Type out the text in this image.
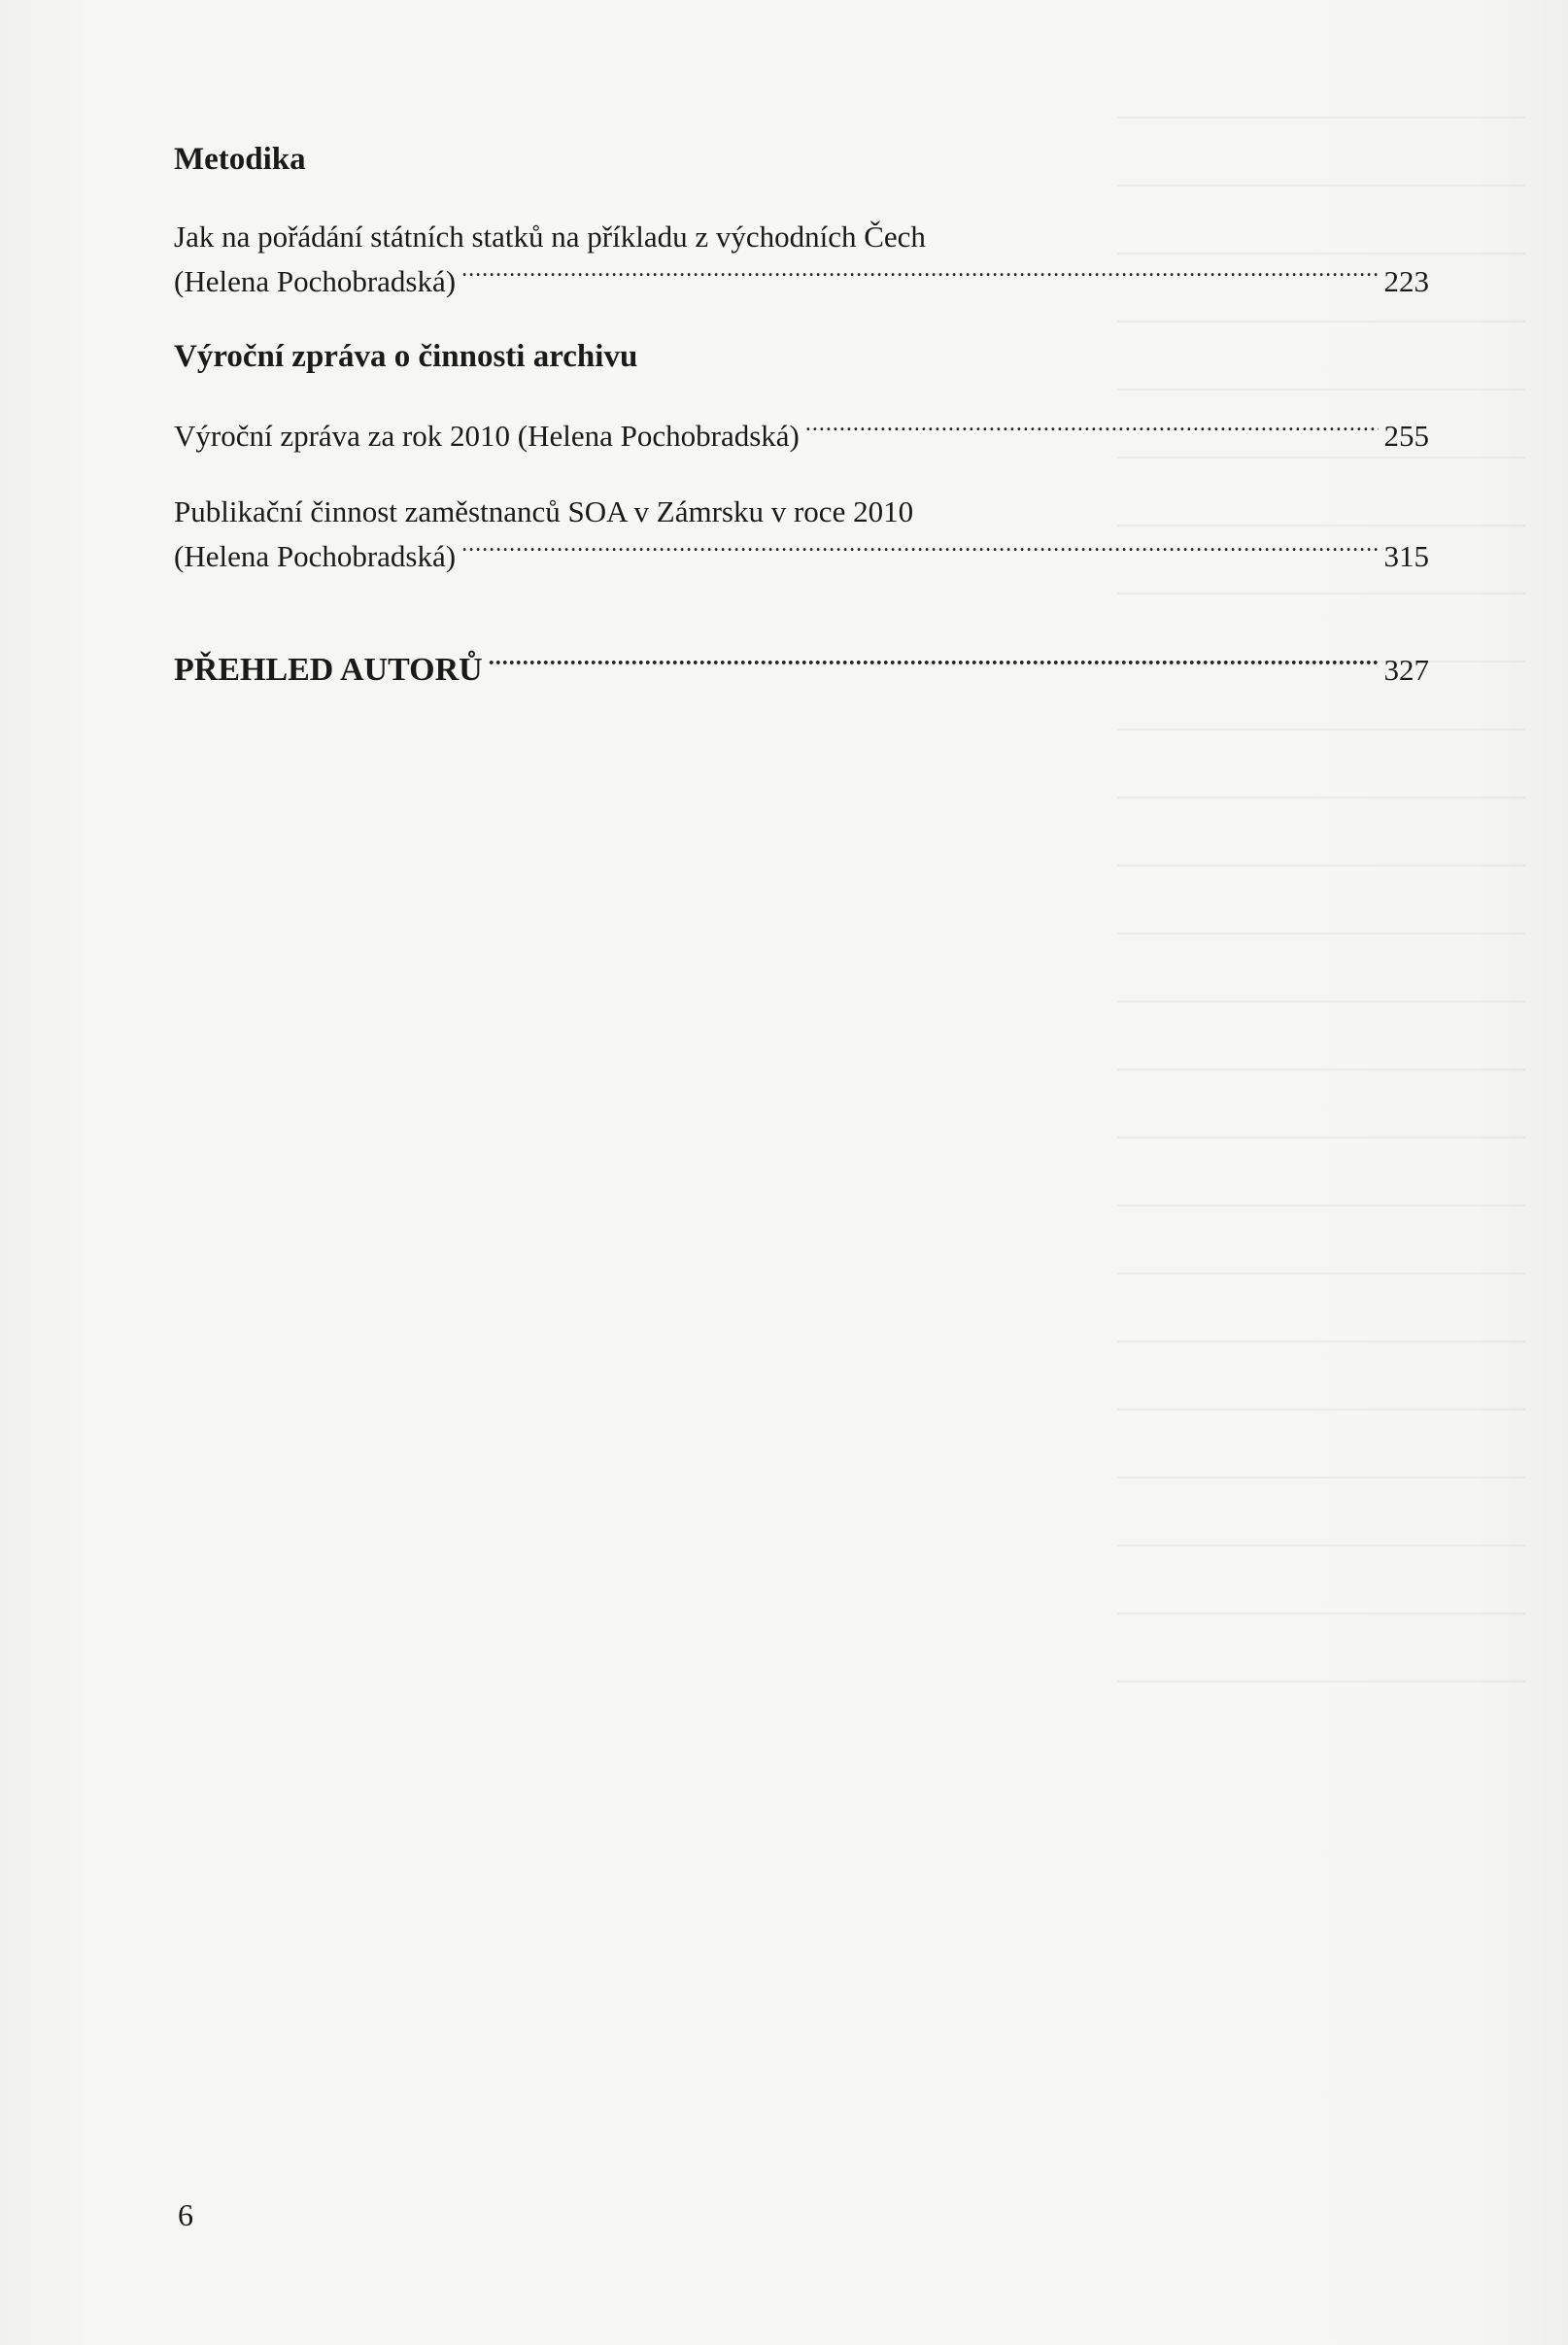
Metodika

Jak na pořádání státních statků na příkladu z východních Čech

(Helena Pochobradská) .....	223
Výroční zpráva o činnosti archivu
Výroční zpráva za rok 2010 (Helena Pochobradská) .....	255

Publikační činnost zaměstnanců SOA v Zámrsku v roce 2010

(Helena Pochobradská) .....	315
PŘEHLED AUTORŮ .....	327
6
